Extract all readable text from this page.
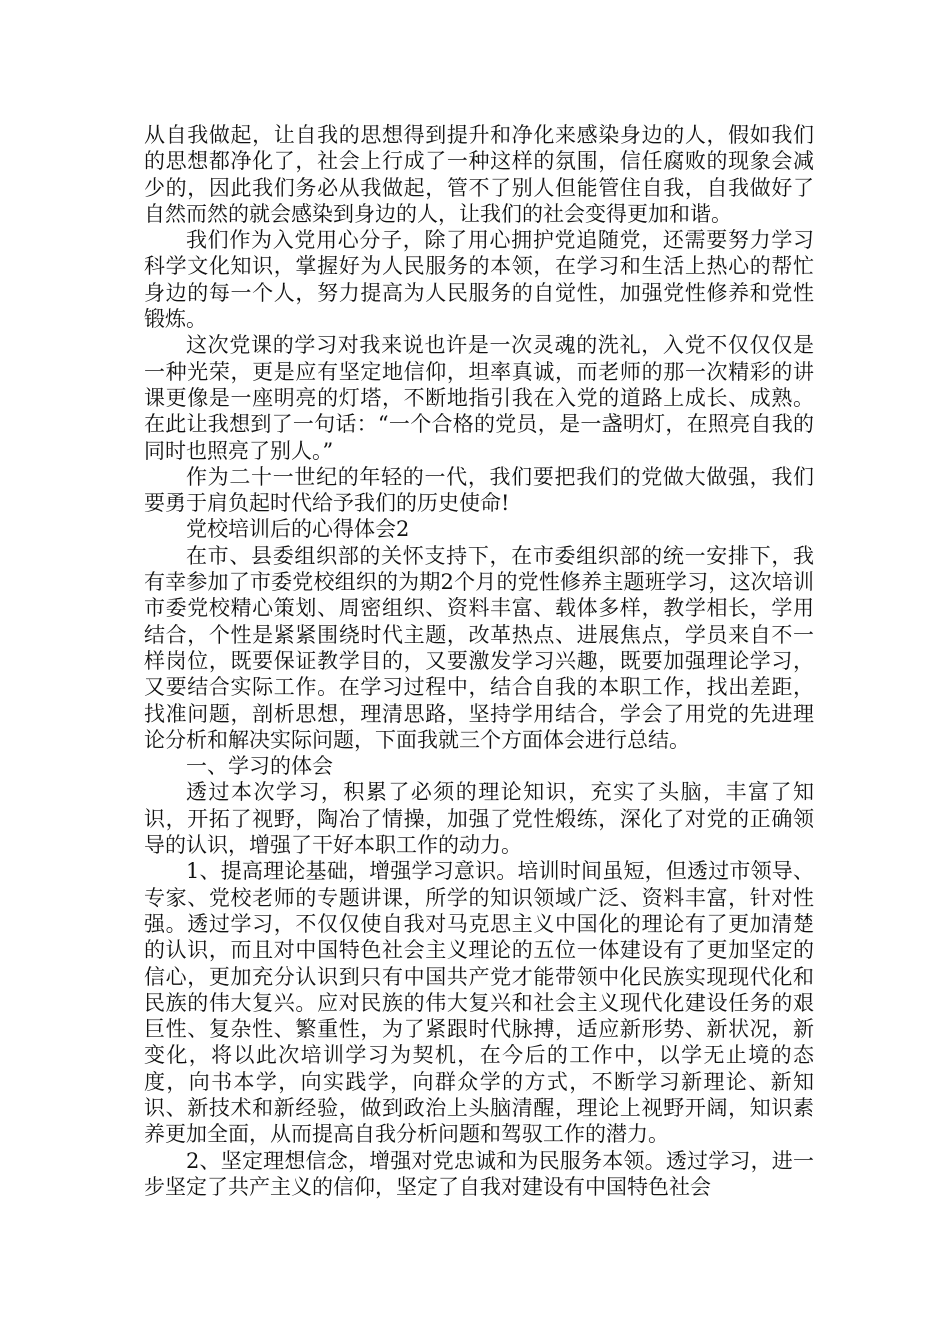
从自我做起，让自我的思想得到提升和净化来感染身边的人，假如我们的思想都净化了，社会上行成了一种这样的氛围，信任腐败的现象会减少的，因此我们务必从我做起，管不了别人但能管住自我，自我做好了自然而然的就会感染到身边的人，让我们的社会变得更加和谐。

我们作为入党用心分子，除了用心拥护党追随党，还需要努力学习科学文化知识，掌握好为人民服务的本领，在学习和生活上热心的帮忙身边的每一个人，努力提高为人民服务的自觉性，加强党性修养和党性锻炼。

这次党课的学习对我来说也许是一次灵魂的洗礼，入党不仅仅仅是一种光荣，更是应有坚定地信仰，坦率真诚，而老师的那一次精彩的讲课更像是一座明亮的灯塔，不断地指引我在入党的道路上成长、成熟。在此让我想到了一句话：“一个合格的党员，是一盏明灯，在照亮自我的同时也照亮了别人。”

作为二十一世纪的年轻的一代，我们要把我们的党做大做强，我们要勇于肩负起时代给予我们的历史使命!

党校培训后的心得体会2

在市、县委组织部的关怀支持下，在市委组织部的统一安排下，我有幸参加了市委党校组织的为期2个月的党性修养主题班学习，这次培训市委党校精心策划、周密组织、资料丰富、载体多样，教学相长，学用结合，个性是紧紧围绕时代主题，改革热点、进展焦点，学员来自不一样岗位，既要保证教学目的，又要激发学习兴趣，既要加强理论学习，又要结合实际工作。在学习过程中，结合自我的本职工作，找出差距，找准问题，剖析思想，理清思路，坚持学用结合，学会了用党的先进理论分析和解决实际问题，下面我就三个方面体会进行总结。

一、学习的体会

透过本次学习，积累了必须的理论知识，充实了头脑，丰富了知识，开拓了视野，陶冶了情操，加强了党性煅练，深化了对党的正确领导的认识，增强了干好本职工作的动力。

1、提高理论基础，增强学习意识。培训时间虽短，但透过市领导、专家、党校老师的专题讲课，所学的知识领域广泛、资料丰富，针对性强。透过学习，不仅仅使自我对马克思主义中国化的理论有了更加清楚的认识，而且对中国特色社会主义理论的五位一体建设有了更加坚定的信心，更加充分认识到只有中国共产党才能带领中化民族实现现代化和民族的伟大复兴。应对民族的伟大复兴和社会主义现代化建设任务的艰巨性、复杂性、繁重性，为了紧跟时代脉搏，适应新形势、新状况，新变化，将以此次培训学习为契机，在今后的工作中，以学无止境的态度，向书本学，向实践学，向群众学的方式，不断学习新理论、新知识、新技术和新经验，做到政治上头脑清醒，理论上视野开阔，知识素养更加全面，从而提高自我分析问题和驾驭工作的潜力。

2、坚定理想信念，增强对党忠诚和为民服务本领。透过学习，进一步坚定了共产主义的信仰，坚定了自我对建设有中国特色社会
